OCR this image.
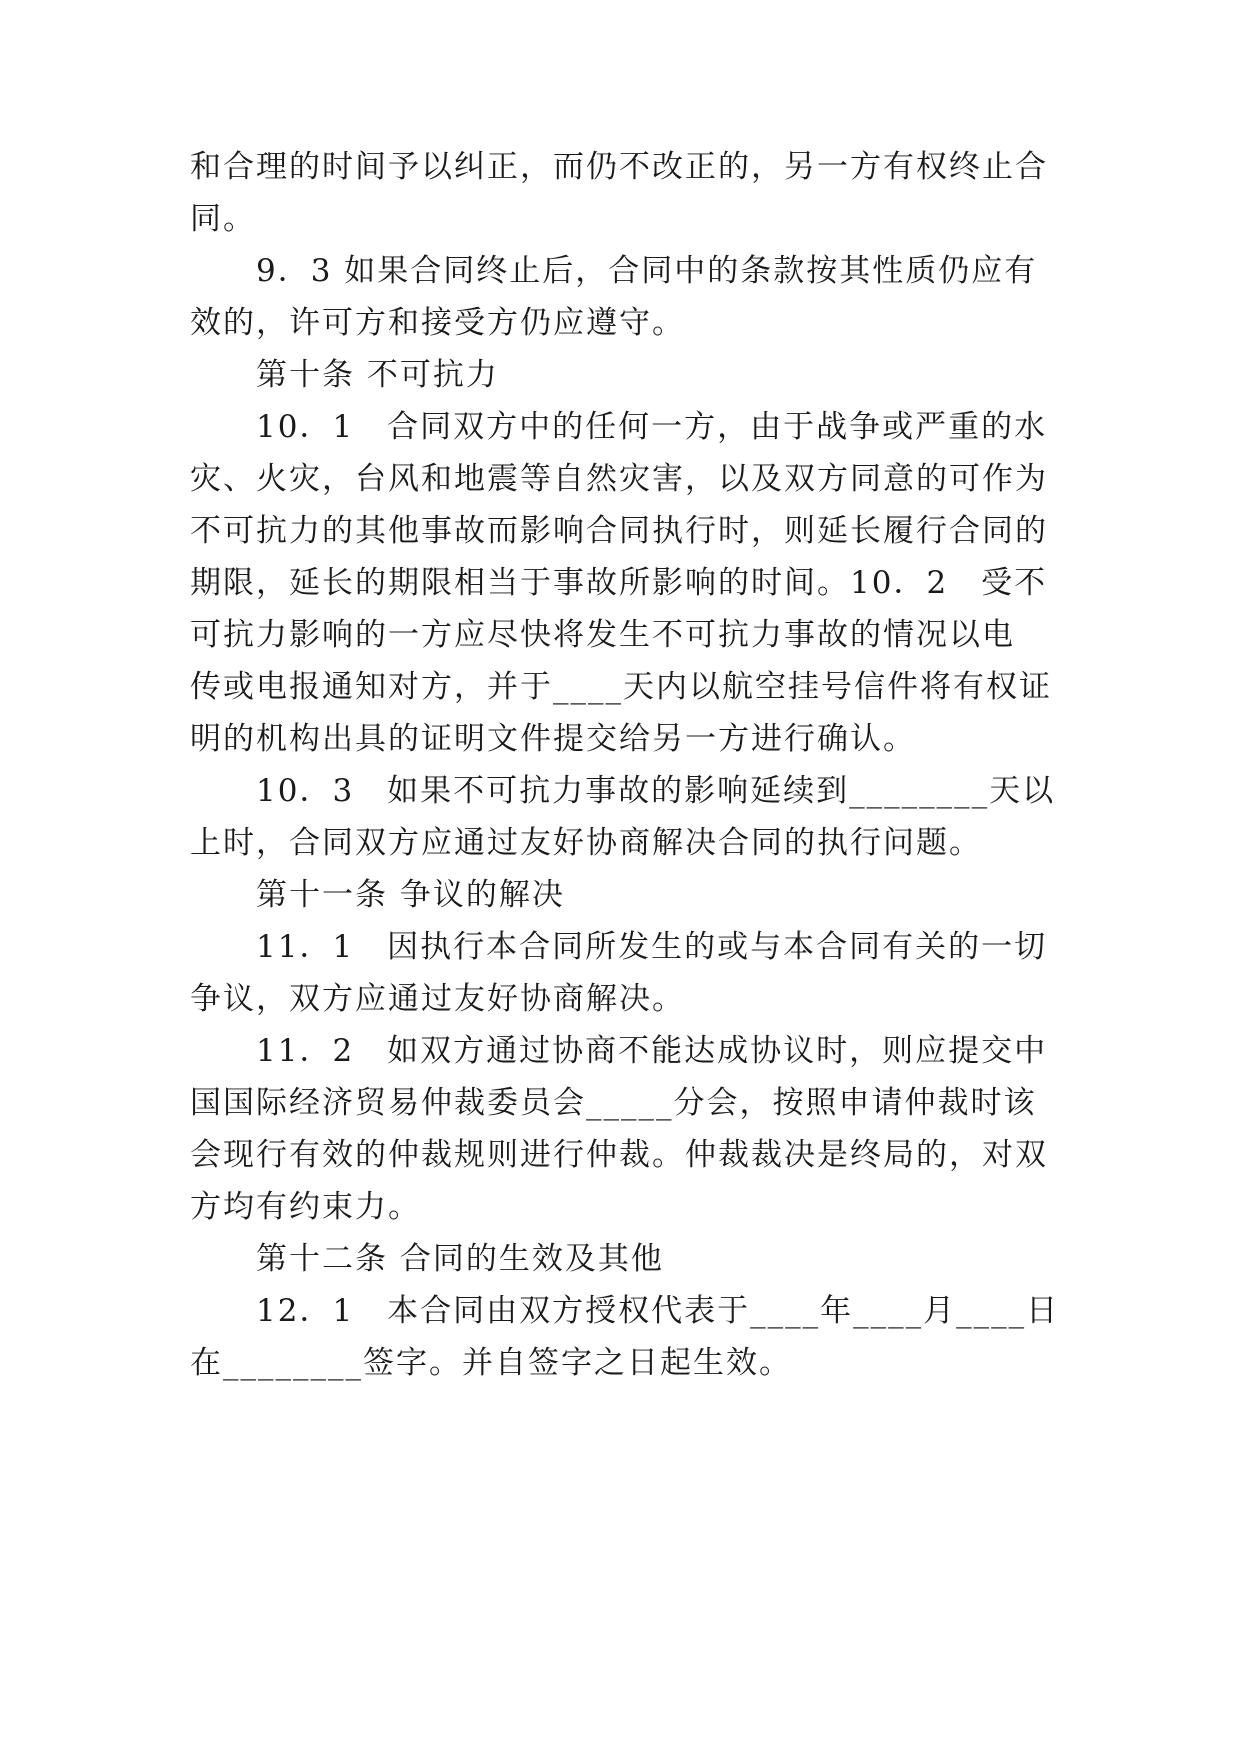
和合理的时间予以纠正，而仍不改正的，另一方有权终止合
同。
9．3 如果合同终止后，合同中的条款按其性质仍应有
效的，许可方和接受方仍应遵守。
第十条 不可抗力
10．1　合同双方中的任何一方，由于战争或严重的水
灾、火灾，台风和地震等自然灾害，以及双方同意的可作为
不可抗力的其他事故而影响合同执行时，则延长履行合同的
期限，延长的期限相当于事故所影响的时间。10．2　受不
可抗力影响的一方应尽快将发生不可抗力事故的情况以电
传或电报通知对方，并于____天内以航空挂号信件将有权证
明的机构出具的证明文件提交给另一方进行确认。
10．3　如果不可抗力事故的影响延续到________天以
上时，合同双方应通过友好协商解决合同的执行问题。
第十一条 争议的解决
11．1　因执行本合同所发生的或与本合同有关的一切
争议，双方应通过友好协商解决。
11．2　如双方通过协商不能达成协议时，则应提交中
国国际经济贸易仲裁委员会_____分会，按照申请仲裁时该
会现行有效的仲裁规则进行仲裁。仲裁裁决是终局的，对双
方均有约束力。
第十二条 合同的生效及其他
12．1　本合同由双方授权代表于____年____月____日
在________签字。并自签字之日起生效。
